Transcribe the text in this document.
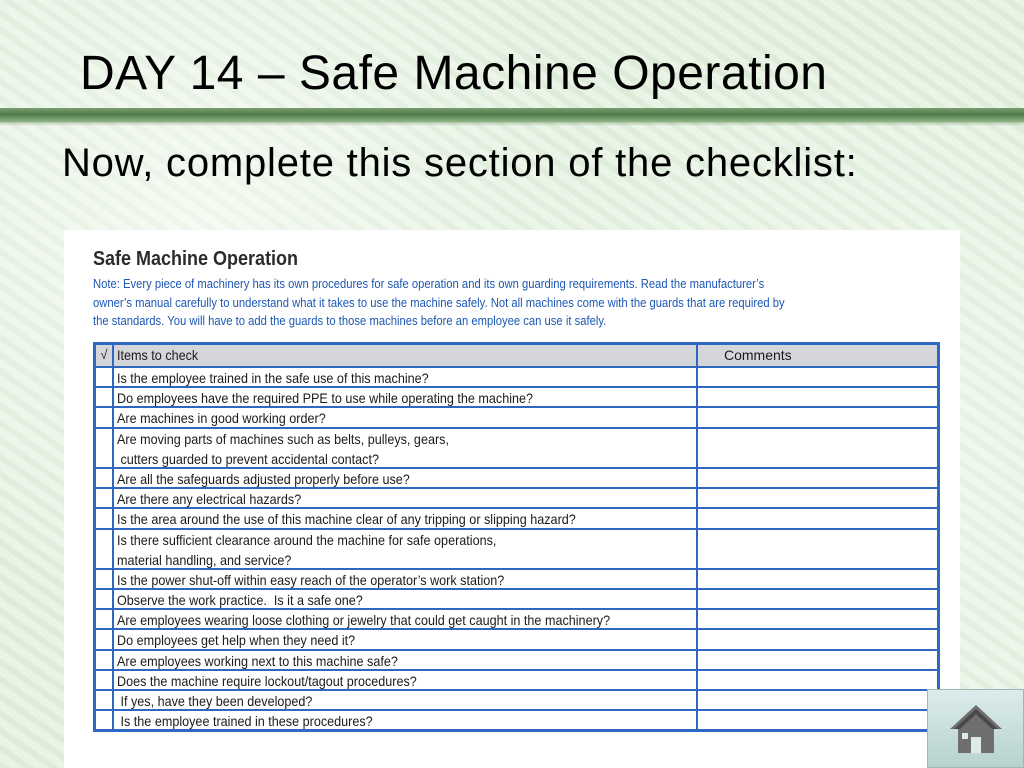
DAY 14 – Safe Machine Operation
Now, complete this section of the checklist:
Safe Machine Operation
Note: Every piece of machinery has its own procedures for safe operation and its own guarding requirements. Read the manufacturer’s
owner’s manual carefully to understand what it takes to use the machine safely. Not all machines come with the guards that are required by
the standards. You will have to add the guards to those machines before an employee can use it safely.
√ Items to check	Comments
Is the employee trained in the safe use of this machine?
Do employees have the required PPE to use while operating the machine?
Are machines in good working order?
Are moving parts of machines such as belts, pulleys, gears,
cutters guarded to prevent accidental contact?
Are all the safeguards adjusted properly before use?
Are there any electrical hazards?
Is the area around the use of this machine clear of any tripping or slipping hazard?
Is there sufficient clearance around the machine for safe operations,
material handling, and service?
Is the power shut-off within easy reach of the operator’s work station?
Observe the work practice.  Is it a safe one?
Are employees wearing loose clothing or jewelry that could get caught in the machinery?
Do employees get help when they need it?
Are employees working next to this machine safe?
Does the machine require lockout/tagout procedures?
If yes, have they been developed?
Is the employee trained in these procedures?
